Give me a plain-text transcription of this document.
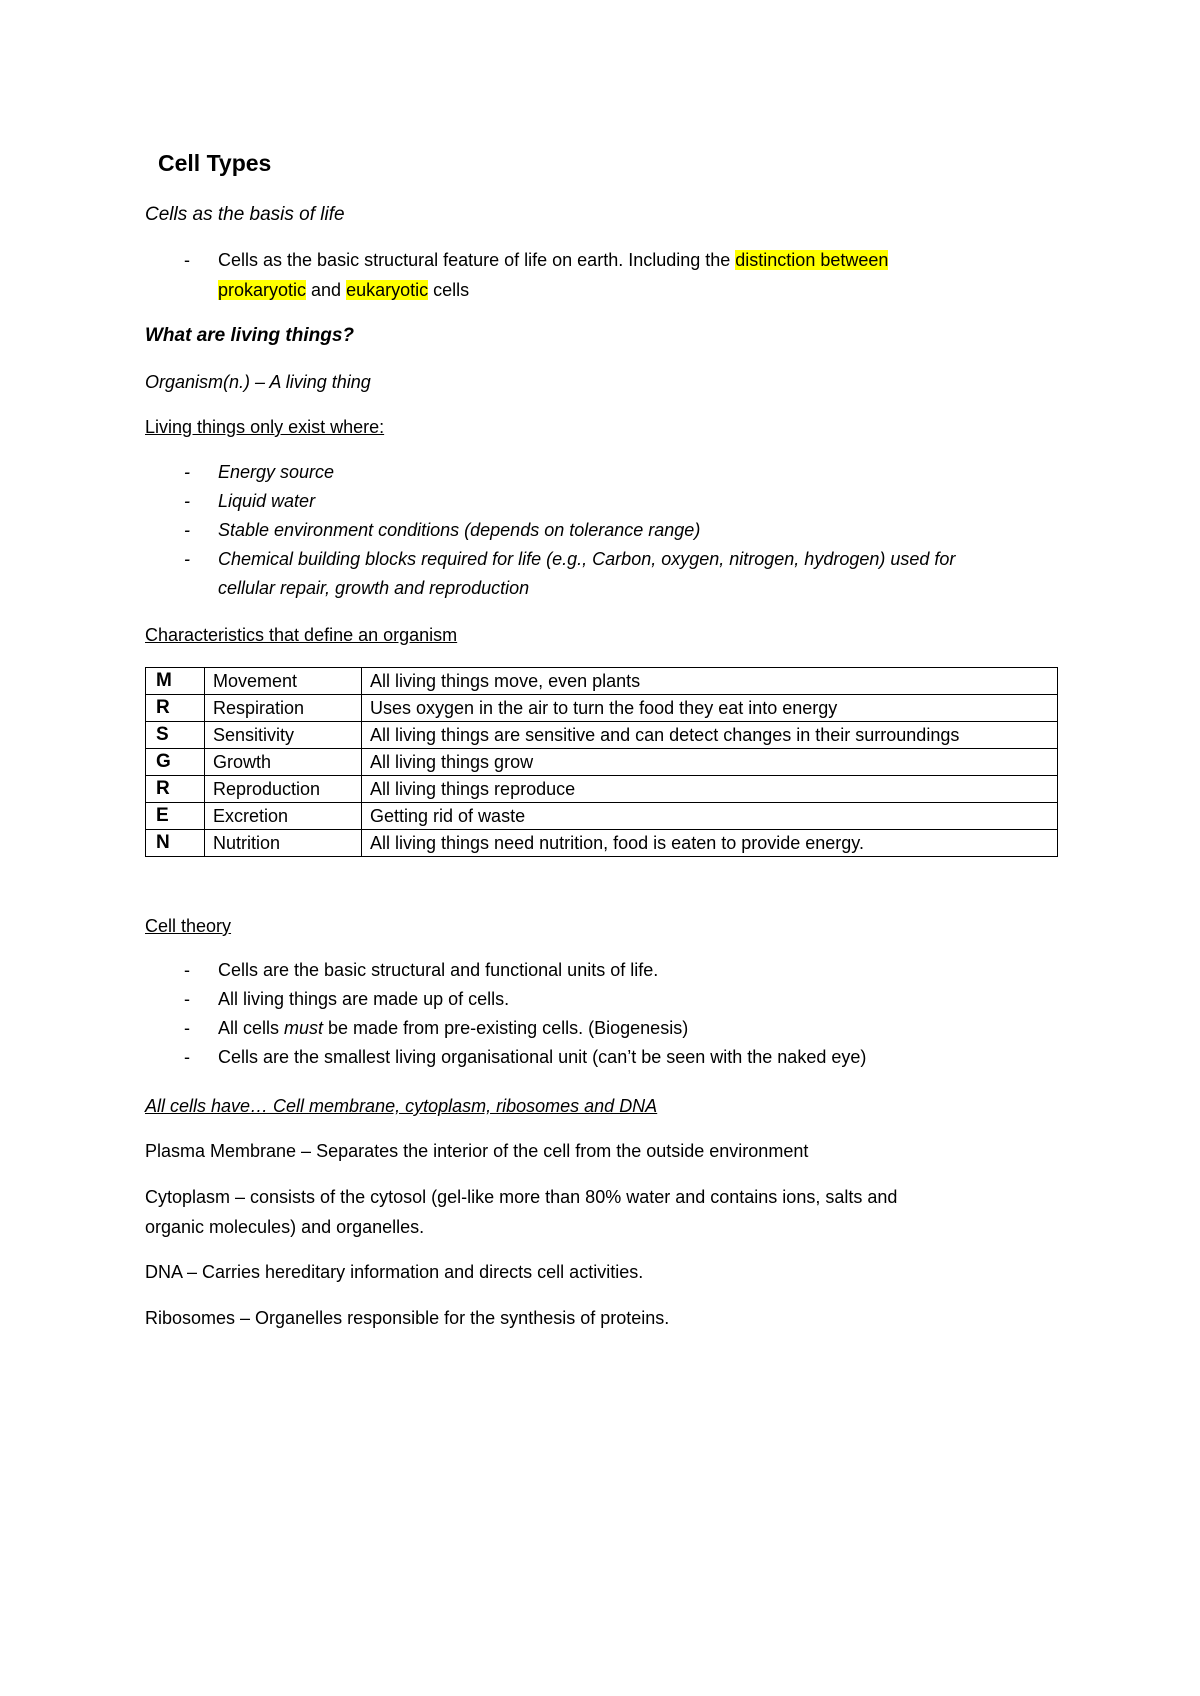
Cell Types
Cells as the basis of life
- Cells as the basic structural feature of life on earth. Including the distinction between
prokaryotic and eukaryotic cells
What are living things?
Organism(n.) – A living thing
Living things only exist where:
- Energy source
- Liquid water
- Stable environment conditions (depends on tolerance range)
- Chemical building blocks required for life (e.g., Carbon, oxygen, nitrogen, hydrogen) used for
cellular repair, growth and reproduction
Characteristics that define an organism
M	Movement	All living things move, even plants
R	Respiration	Uses oxygen in the air to turn the food they eat into energy
S	Sensitivity	All living things are sensitive and can detect changes in their surroundings
G	Growth	All living things grow
R	Reproduction	All living things reproduce
E	Excretion	Getting rid of waste
N	Nutrition	All living things need nutrition, food is eaten to provide energy.
Cell theory
- Cells are the basic structural and functional units of life.
- All living things are made up of cells.
- All cells must be made from pre-existing cells. (Biogenesis)
- Cells are the smallest living organisational unit (can’t be seen with the naked eye)
All cells have… Cell membrane, cytoplasm, ribosomes and DNA
Plasma Membrane – Separates the interior of the cell from the outside environment
Cytoplasm – consists of the cytosol (gel-like more than 80% water and contains ions, salts and
organic molecules) and organelles.
DNA – Carries hereditary information and directs cell activities.
Ribosomes – Organelles responsible for the synthesis of proteins.
